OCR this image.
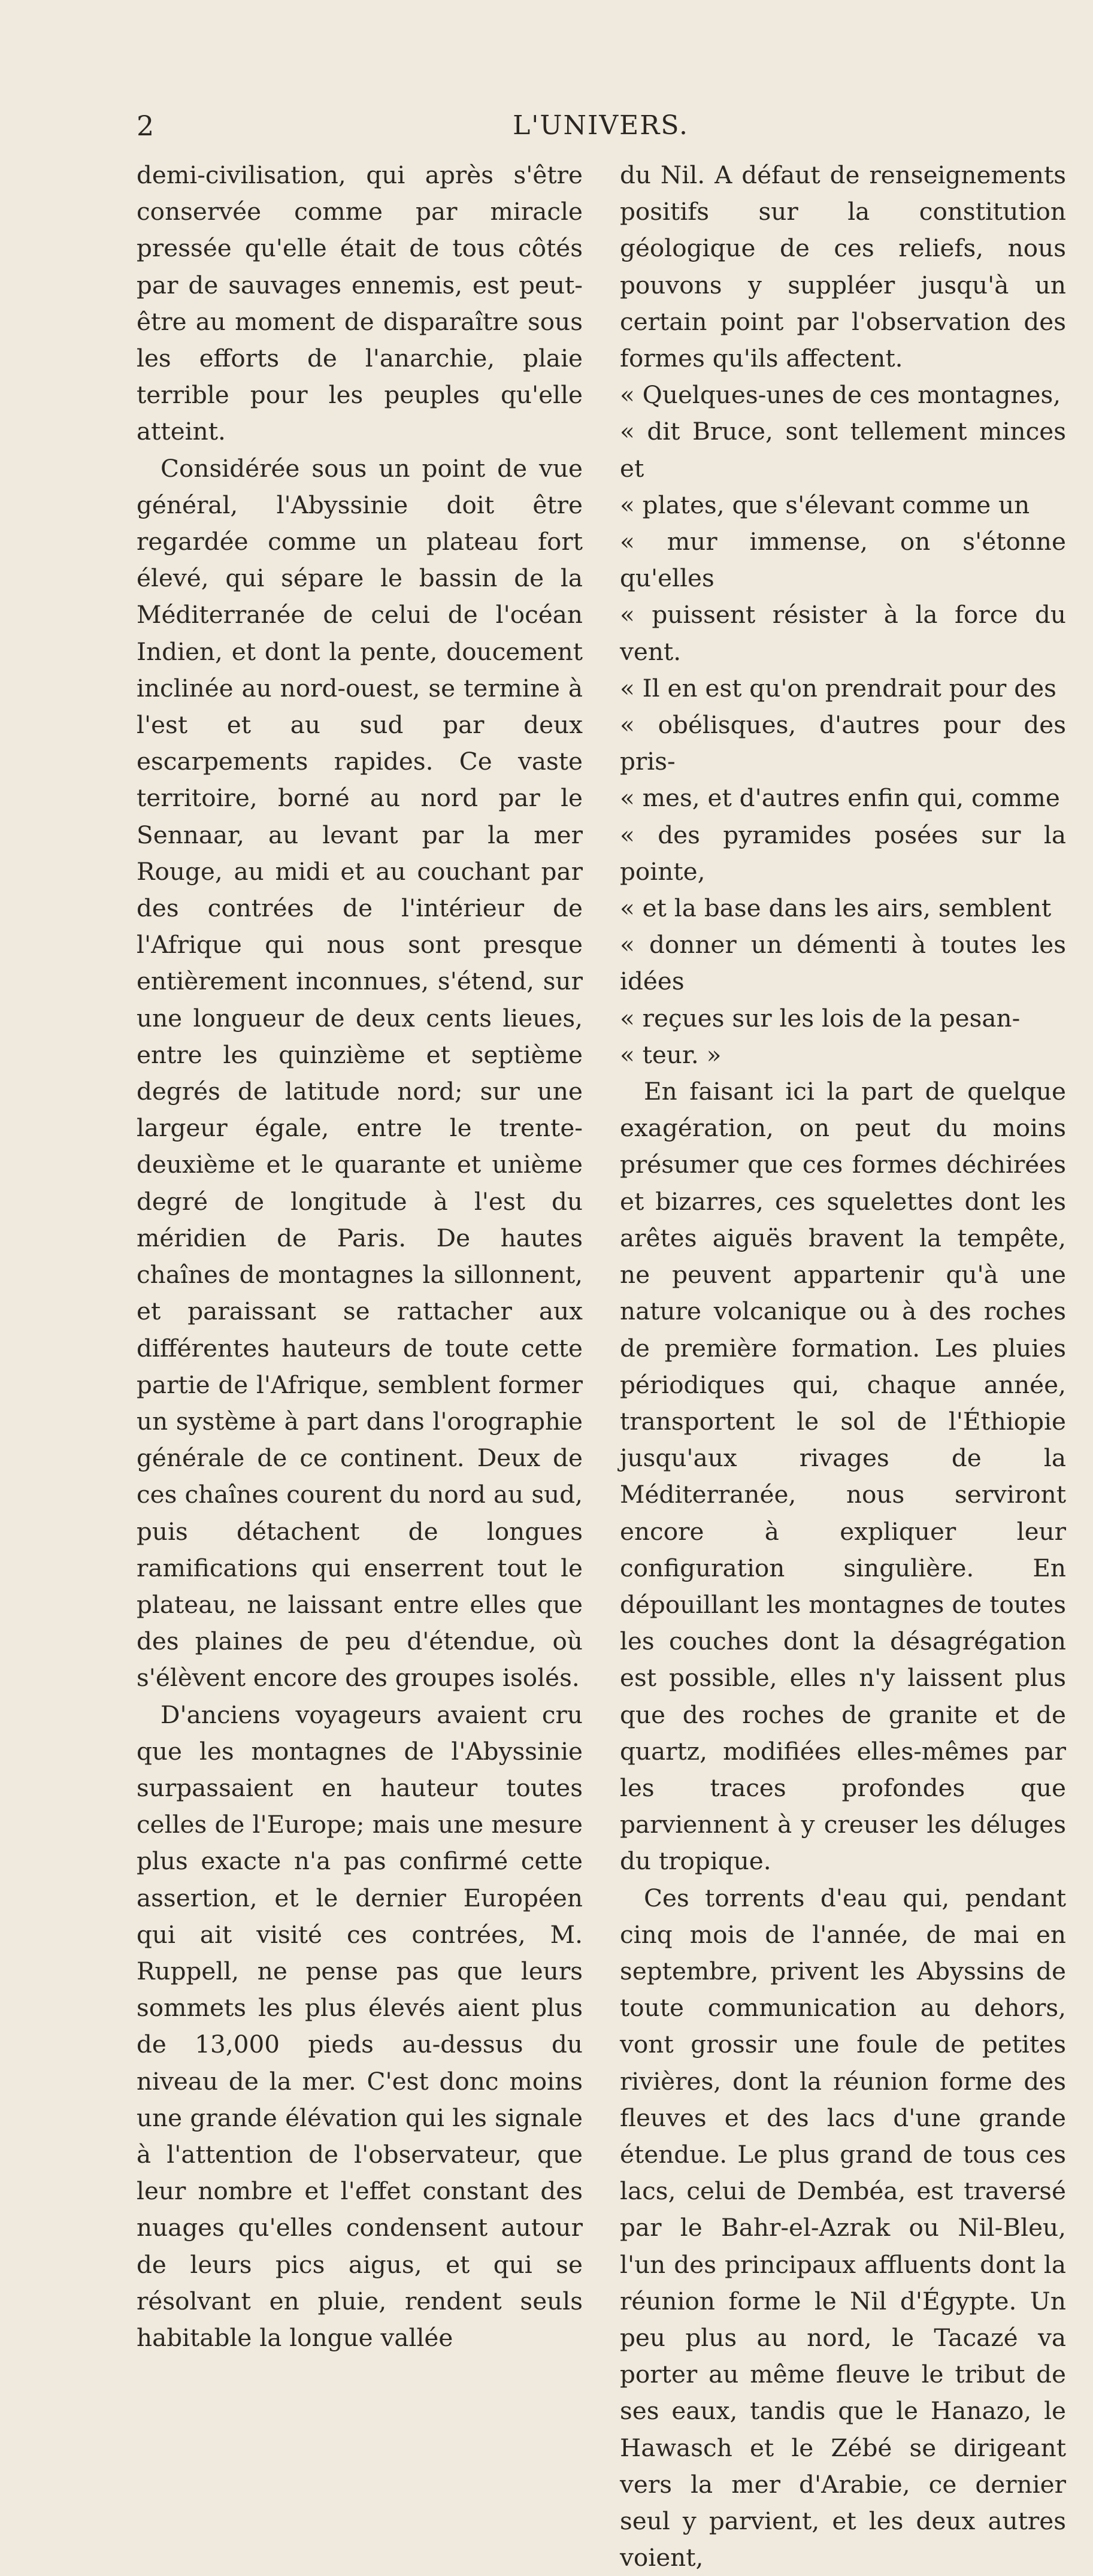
2	L'UNIVERS.

demi-civilisation, qui après s'être conservée comme par miracle pressée qu'elle était de tous côtés par de sauvages ennemis, est peut-être au moment de disparaître sous les efforts de l'anarchie, plaie terrible pour les peuples qu'elle atteint.

Considérée sous un point de vue général, l'Abyssinie doit être regardée comme un plateau fort élevé, qui sépare le bassin de la Méditerranée de celui de l'océan Indien, et dont la pente, doucement inclinée au nord-ouest, se termine à l'est et au sud par deux escarpements rapides. Ce vaste territoire, borné au nord par le Sennaar, au levant par la mer Rouge, au midi et au couchant par des contrées de l'intérieur de l'Afrique qui nous sont presque entièrement inconnues, s'étend, sur une longueur de deux cents lieues, entre les quinzième et septième degrés de latitude nord; sur une largeur égale, entre le trente-deuxième et le quarante et unième degré de longitude à l'est du méridien de Paris. De hautes chaînes de montagnes la sillonnent, et paraissant se rattacher aux différentes hauteurs de toute cette partie de l'Afrique, semblent former un système à part dans l'orographie générale de ce continent. Deux de ces chaînes courent du nord au sud, puis détachent de longues ramifications qui enserrent tout le plateau, ne laissant entre elles que des plaines de peu d'étendue, où s'élèvent encore des groupes isolés.

D'anciens voyageurs avaient cru que les montagnes de l'Abyssinie surpassaient en hauteur toutes celles de l'Europe; mais une mesure plus exacte n'a pas confirmé cette assertion, et le dernier Européen qui ait visité ces contrées, M. Ruppell, ne pense pas que leurs sommets les plus élevés aient plus de 13,000 pieds au-dessus du niveau de la mer. C'est donc moins une grande élévation qui les signale à l'attention de l'observateur, que leur nombre et l'effet constant des nuages qu'elles condensent autour de leurs pics aigus, et qui se résolvant en pluie, rendent seuls habitable la longue vallée

du Nil. A défaut de renseignements positifs sur la constitution géologique de ces reliefs, nous pouvons y suppléer jusqu'à un certain point par l'observation des formes qu'ils affectent.

« Quelques-unes de ces montagnes,
« dit Bruce, sont tellement minces et
« plates, que s'élevant comme un
« mur immense, on s'étonne qu'elles
« puissent résister à la force du vent.
« Il en est qu'on prendrait pour des
« obélisques, d'autres pour des pris-
« mes, et d'autres enfin qui, comme
« des pyramides posées sur la pointe,
« et la base dans les airs, semblent
« donner un démenti à toutes les idées
« reçues sur les lois de la pesan-
« teur. »

En faisant ici la part de quelque exagération, on peut du moins présumer que ces formes déchirées et bizarres, ces squelettes dont les arêtes aiguës bravent la tempête, ne peuvent appartenir qu'à une nature volcanique ou à des roches de première formation. Les pluies périodiques qui, chaque année, transportent le sol de l'Éthiopie jusqu'aux rivages de la Méditerranée, nous serviront encore à expliquer leur configuration singulière. En dépouillant les montagnes de toutes les couches dont la désagrégation est possible, elles n'y laissent plus que des roches de granite et de quartz, modifiées elles-mêmes par les traces profondes que parviennent à y creuser les déluges du tropique.

Ces torrents d'eau qui, pendant cinq mois de l'année, de mai en septembre, privent les Abyssins de toute communication au dehors, vont grossir une foule de petites rivières, dont la réunion forme des fleuves et des lacs d'une grande étendue. Le plus grand de tous ces lacs, celui de Dembéa, est traversé par le Bahr-el-Azrak ou Nil-Bleu, l'un des principaux affluents dont la réunion forme le Nil d'Égypte. Un peu plus au nord, le Tacazé va porter au même fleuve le tribut de ses eaux, tandis que le Hanazo, le Hawasch et le Zébé se dirigeant vers la mer d'Arabie, ce dernier seul y parvient, et les deux autres voient,
